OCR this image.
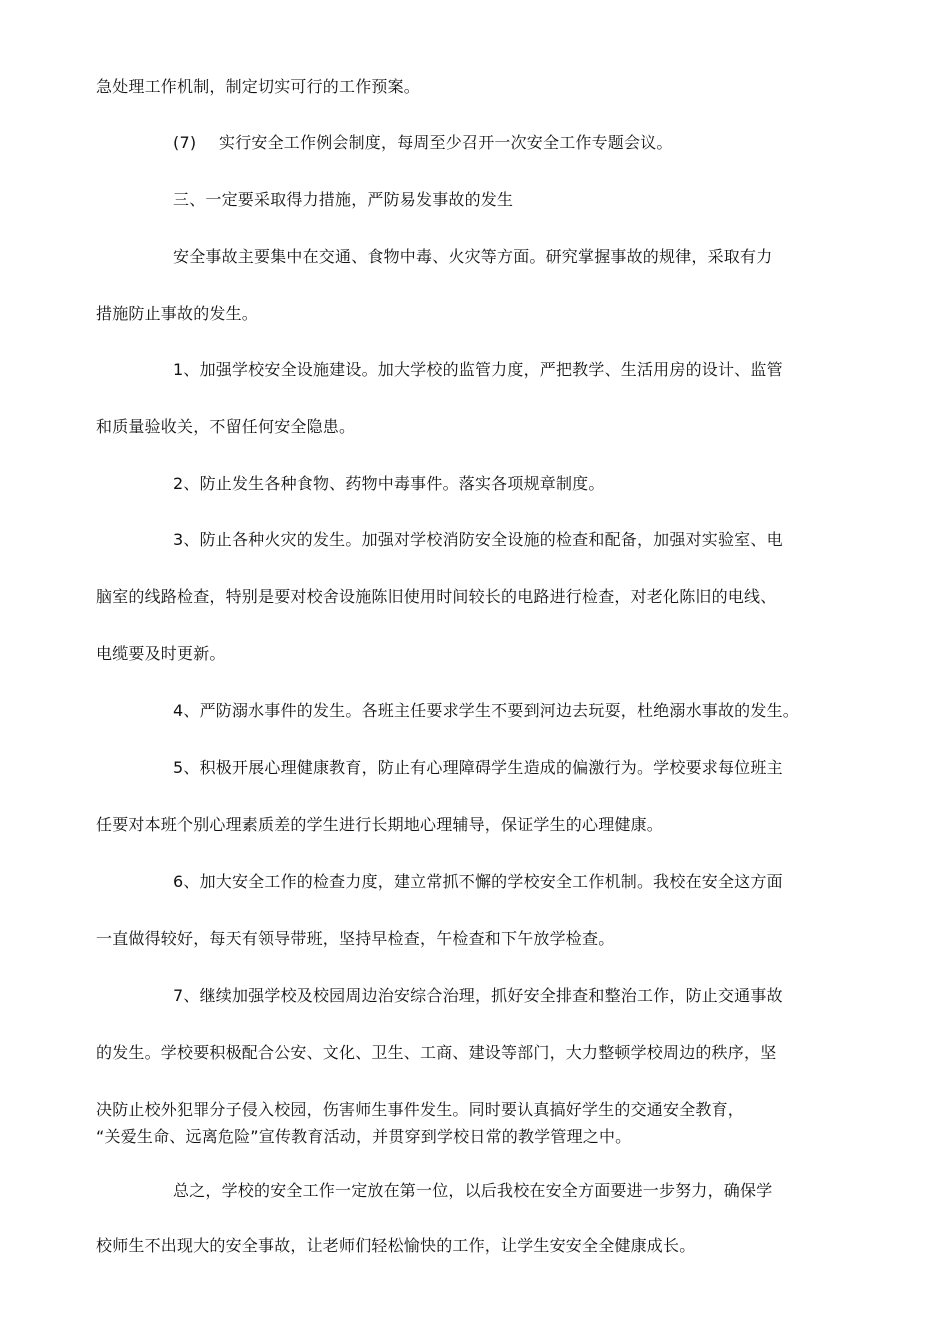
急处理工作机制，制定切实可行的工作预案。
(7) 实行安全工作例会制度，每周至少召开一次安全工作专题会议。
三、一定要采取得力措施，严防易发事故的发生
安全事故主要集中在交通、食物中毒、火灾等方面。研究掌握事故的规律，采取有力
措施防止事故的发生。
1、加强学校安全设施建设。加大学校的监管力度，严把教学、生活用房的设计、监管
和质量验收关，不留任何安全隐患。
2、防止发生各种食物、药物中毒事件。落实各项规章制度。
3、防止各种火灾的发生。加强对学校消防安全设施的检查和配备，加强对实验室、电
脑室的线路检查，特别是要对校舍设施陈旧使用时间较长的电路进行检查，对老化陈旧的电线、
电缆要及时更新。
4、严防溺水事件的发生。各班主任要求学生不要到河边去玩耍，杜绝溺水事故的发生。
5、积极开展心理健康教育，防止有心理障碍学生造成的偏激行为。学校要求每位班主
任要对本班个别心理素质差的学生进行长期地心理辅导，保证学生的心理健康。
6、加大安全工作的检查力度，建立常抓不懈的学校安全工作机制。我校在安全这方面
一直做得较好，每天有领导带班，坚持早检查，午检查和下午放学检查。
7、继续加强学校及校园周边治安综合治理，抓好安全排查和整治工作，防止交通事故
的发生。学校要积极配合公安、文化、卫生、工商、建设等部门，大力整顿学校周边的秩序，坚
决防止校外犯罪分子侵入校园，伤害师生事件发生。同时要认真搞好学生的交通安全教育，
“关爱生命、远离危险”宣传教育活动，并贯穿到学校日常的教学管理之中。
总之，学校的安全工作一定放在第一位，以后我校在安全方面要进一步努力，确保学
校师生不出现大的安全事故，让老师们轻松愉快的工作，让学生安安全全健康成长。
